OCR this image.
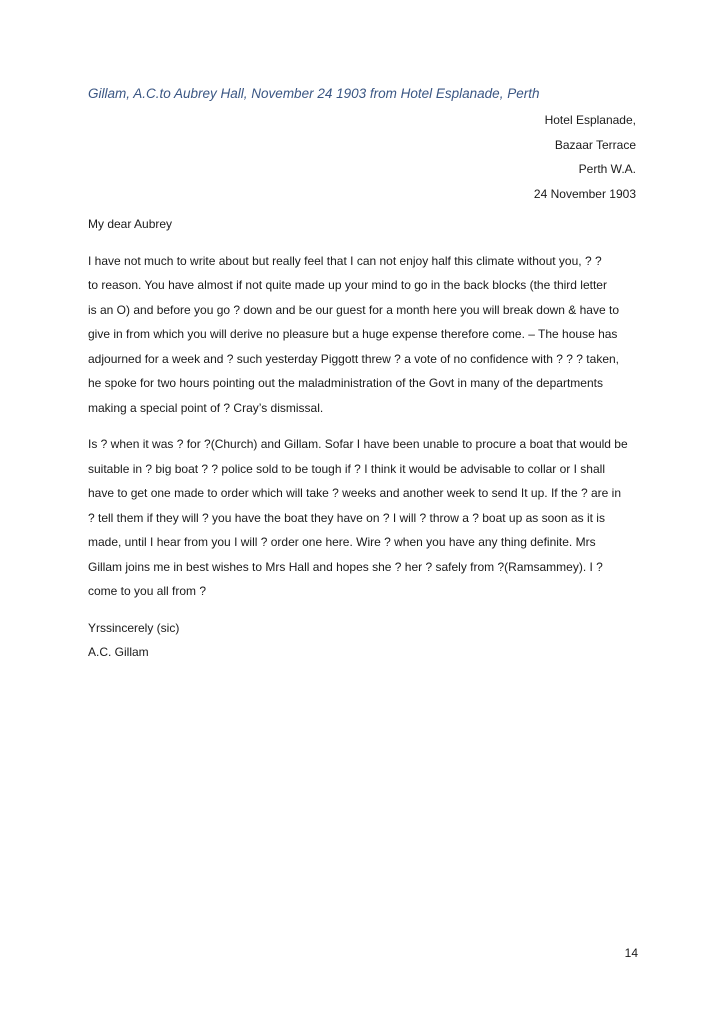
Gillam, A.C.to Aubrey Hall, November 24 1903 from Hotel Esplanade, Perth
Hotel Esplanade,
Bazaar Terrace
Perth W.A.
24 November 1903
My dear Aubrey
I have not much to write about but really feel that I can not enjoy half this climate without you, ? ?
to reason. You have almost if not quite made up your mind to go in the back blocks (the third letter
is an O) and before you go ? down and be our guest for a month here you will break down & have to
give in from which you will derive no pleasure but a huge expense therefore come. – The house has
adjourned for a week and ? such yesterday Piggott threw ? a vote of no confidence with ? ? ? taken,
he spoke for two hours pointing out the maladministration of the Govt in many of the departments
making a special point of ? Cray’s dismissal.
Is ? when it was ? for ?(Church) and Gillam. Sofar I have been unable to procure a boat that would be
suitable in ? big boat ? ? police sold to be tough if ? I think it would be advisable to collar or I shall
have to get one made to order which will take ? weeks and another week to send It up. If the ? are in
? tell them if they will ? you have the boat they have on ? I will ? throw a ? boat up as soon as it is
made, until I hear from you I will ? order one here. Wire ? when you have any thing definite. Mrs
Gillam joins me in best wishes to Mrs Hall and hopes she ? her ? safely from ?(Ramsammey). I ?
come to you all from ?
Yrssincerely (sic)
A.C. Gillam
14
